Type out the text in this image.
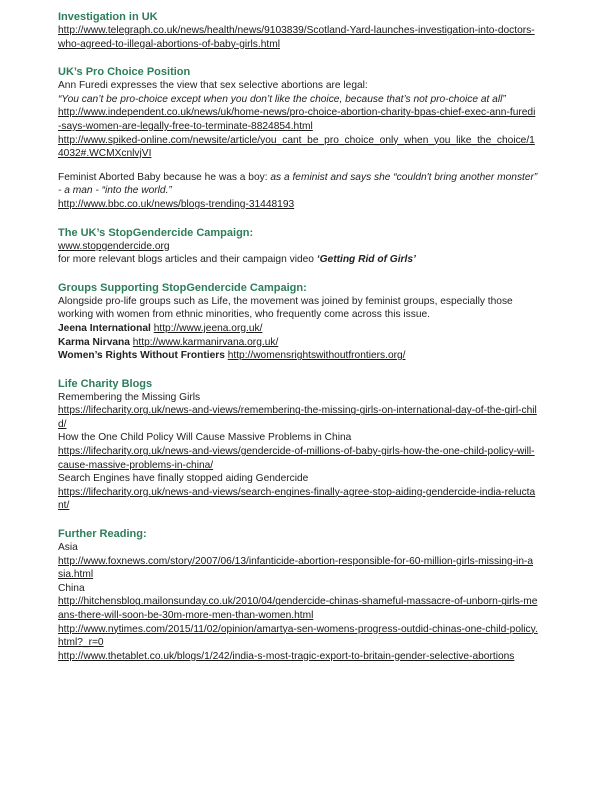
Investigation in UK

http://www.telegraph.co.uk/news/health/news/9103839/Scotland-Yard-launches-investigation-into-doctors-who-agreed-to-illegal-abortions-of-baby-girls.html

UK’s Pro Choice Position

Ann Furedi expresses the view that sex selective abortions are legal:

“You can’t be pro-choice except when you don’t like the choice, because that’s not pro-choice at all”

http://www.independent.co.uk/news/uk/home-news/pro-choice-abortion-charity-bpas-chief-exec-ann-furedi-says-women-are-legally-free-to-terminate-8824854.html

http://www.spiked-online.com/newsite/article/you_cant_be_pro_choice_only_when_you_like_the_choice/14032#.WCMXcnlvjVI

Feminist Aborted Baby because he was a boy: as a feminist and says she “couldn't bring another monster” - a man - “into the world.”

http://www.bbc.co.uk/news/blogs-trending-31448193

The UK’s StopGendercide Campaign:

www.stopgendercide.org

for more relevant blogs articles and their campaign video ‘Getting Rid of Girls’

Groups Supporting StopGendercide Campaign:

Alongside pro-life groups such as Life, the movement was joined by feminist groups, especially those working with women from ethnic minorities, who frequently come across this issue.

Jeena International http://www.jeena.org.uk/

Karma Nirvana http://www.karmanirvana.org.uk/

Women’s Rights Without Frontiers http://womensrightswithoutfrontiers.org/

Life Charity Blogs

Remembering the Missing Girls

https://lifecharity.org.uk/news-and-views/remembering-the-missing-girls-on-international-day-of-the-girl-child/

How the One Child Policy Will Cause Massive Problems in China

https://lifecharity.org.uk/news-and-views/gendercide-of-millions-of-baby-girls-how-the-one-child-policy-will-cause-massive-problems-in-china/

Search Engines have finally stopped aiding Gendercide

https://lifecharity.org.uk/news-and-views/search-engines-finally-agree-stop-aiding-gendercide-india-reluctant/

Further Reading:

Asia

http://www.foxnews.com/story/2007/06/13/infanticide-abortion-responsible-for-60-million-girls-missing-in-asia.html

China

http://hitchensblog.mailonsunday.co.uk/2010/04/gendercide-chinas-shameful-massacre-of-unborn-girls-means-there-will-soon-be-30m-more-men-than-women.html

http://www.nytimes.com/2015/11/02/opinion/amartya-sen-womens-progress-outdid-chinas-one-child-policy.html?_r=0

http://www.thetablet.co.uk/blogs/1/242/india-s-most-tragic-export-to-britain-gender-selective-abortions
